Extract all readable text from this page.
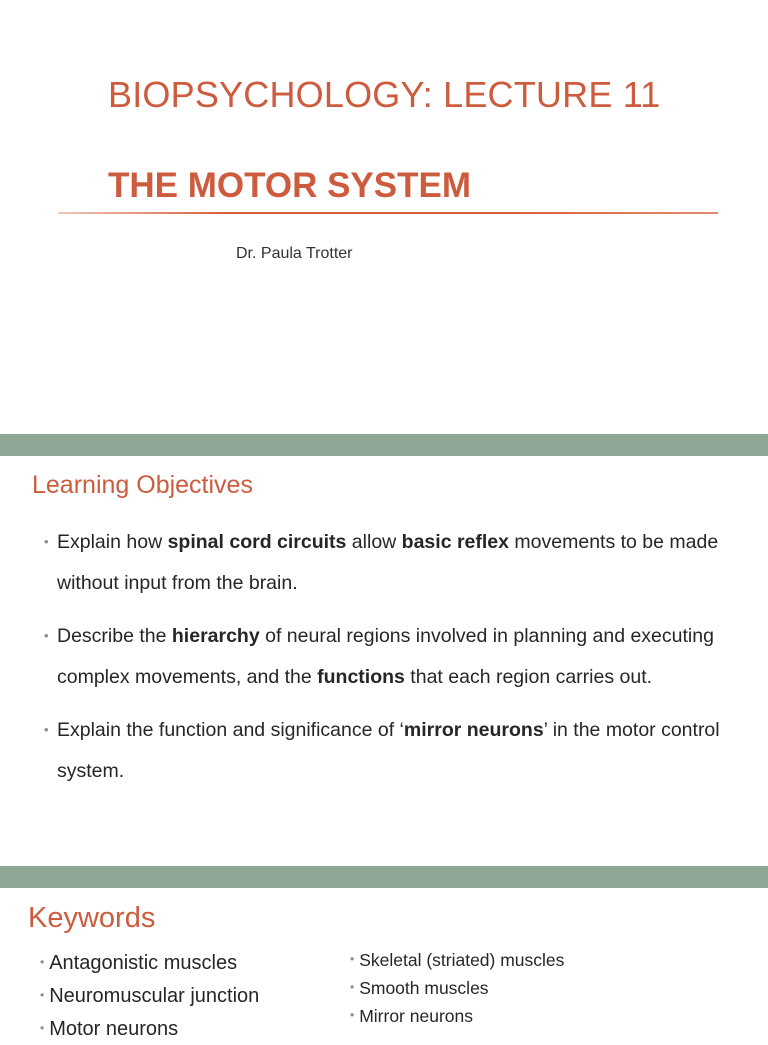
BIOPSYCHOLOGY: LECTURE 11
THE MOTOR SYSTEM
Dr. Paula Trotter
Learning Objectives
• Explain how spinal cord circuits allow basic reflex movements to be made without input from the brain.
• Describe the hierarchy of neural regions involved in planning and executing complex movements, and the functions that each region carries out.
• Explain the function and significance of ‘mirror neurons’ in the motor control system.
Keywords
• Antagonistic muscles
• Neuromuscular junction
• Motor neurons
• Skeletal (striated) muscles
• Smooth muscles
• Mirror neurons
